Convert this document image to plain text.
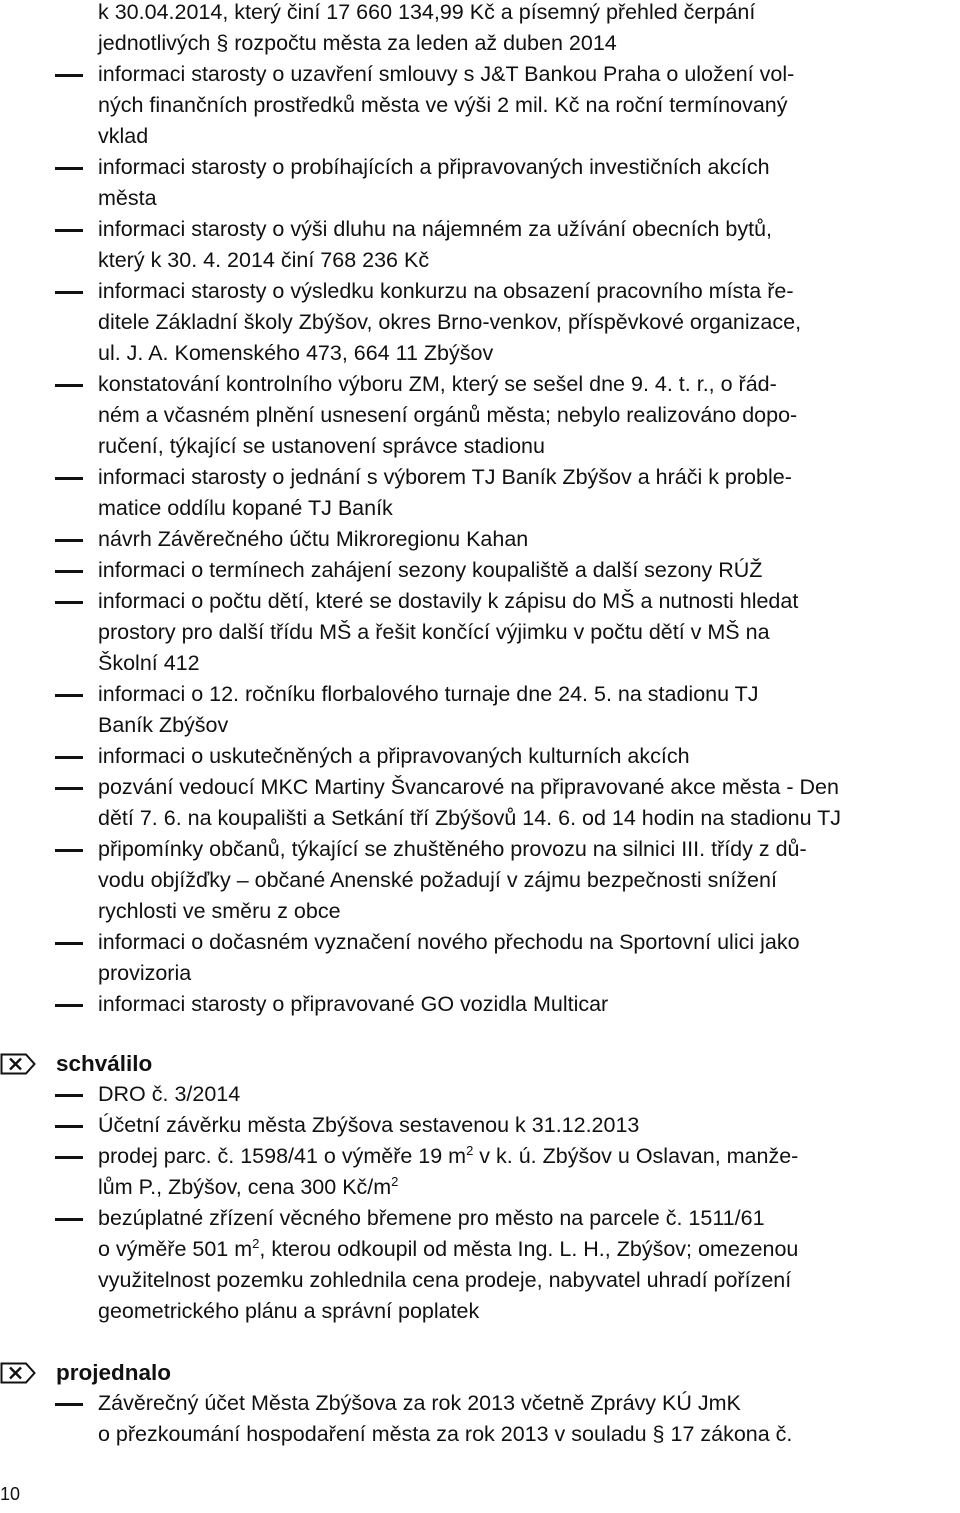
k 30.04.2014, který činí 17 660 134,99 Kč a písemný přehled čerpání
jednotlivých § rozpočtu města za leden až duben 2014
informaci starosty o uzavření smlouvy s J&T Bankou Praha o uložení vol-
ných finančních prostředků města ve výši 2 mil. Kč na roční termínovaný
vklad
informaci starosty o probíhajících a připravovaných investičních akcích
města
informaci starosty o výši dluhu na nájemném za užívání obecních bytů,
který k 30. 4. 2014 činí 768 236 Kč
informaci starosty o výsledku konkurzu na obsazení pracovního místa ře-
ditele Základní školy Zbýšov, okres Brno-venkov, příspěvkové organizace,
ul. J. A. Komenského 473, 664 11 Zbýšov
konstatování kontrolního výboru ZM, který se sešel dne 9. 4. t. r., o řád-
ném a včasném plnění usnesení orgánů města; nebylo realizováno dopo-
ručení, týkající se ustanovení správce stadionu
informaci starosty o jednání s výborem TJ Baník Zbýšov a hráči k proble-
matice oddílu kopané TJ Baník
návrh Závěrečného účtu Mikroregionu Kahan
informaci o termínech zahájení sezony koupaliště a další sezony RÚŽ
informaci o počtu dětí, které se dostavily k zápisu do MŠ a nutnosti hledat
prostory pro další třídu MŠ a řešit končící výjimku v počtu dětí v MŠ na
Školní 412
informaci o 12. ročníku florbalového turnaje dne 24. 5. na stadionu TJ
Baník Zbýšov
informaci o uskutečněných a připravovaných kulturních akcích
pozvání vedoucí MKC Martiny Švancarové na připravované akce města - Den
dětí 7. 6. na koupališti a Setkání tří Zbýšovů 14. 6. od 14 hodin na stadionu TJ
připomínky občanů, týkající se zhuštěného provozu na silnici III. třídy z dů-
vodu objížďky – občané Anenské požadují v zájmu bezpečnosti snížení
rychlosti ve směru z obce
informaci o dočasném vyznačení nového přechodu na Sportovní ulici jako
provizoria
informaci starosty o připravované GO vozidla Multicar
schválilo
DRO č. 3/2014
Účetní závěrku města Zbýšova sestavenou k 31.12.2013
prodej parc. č. 1598/41 o výměře 19 $m^2$ v k. ú. Zbýšov u Oslavan, manže-
lům P., Zbýšov, cena 300 $Kč/m^2$
bezúplatné zřízení věcného břemene pro město na parcele č. 1511/61
o výměře 501 $m^2$, kterou odkoupil od města Ing. L. H., Zbýšov; omezenou
využitelnost pozemku zohlednila cena prodeje, nabyvatel uhradí pořízení
geometrického plánu a správní poplatek
projednalo
Závěrečný účet Města Zbýšova za rok 2013 včetně Zprávy KÚ JmK
o přezkoumání hospodaření města za rok 2013 v souladu § 17 zákona č.
10
